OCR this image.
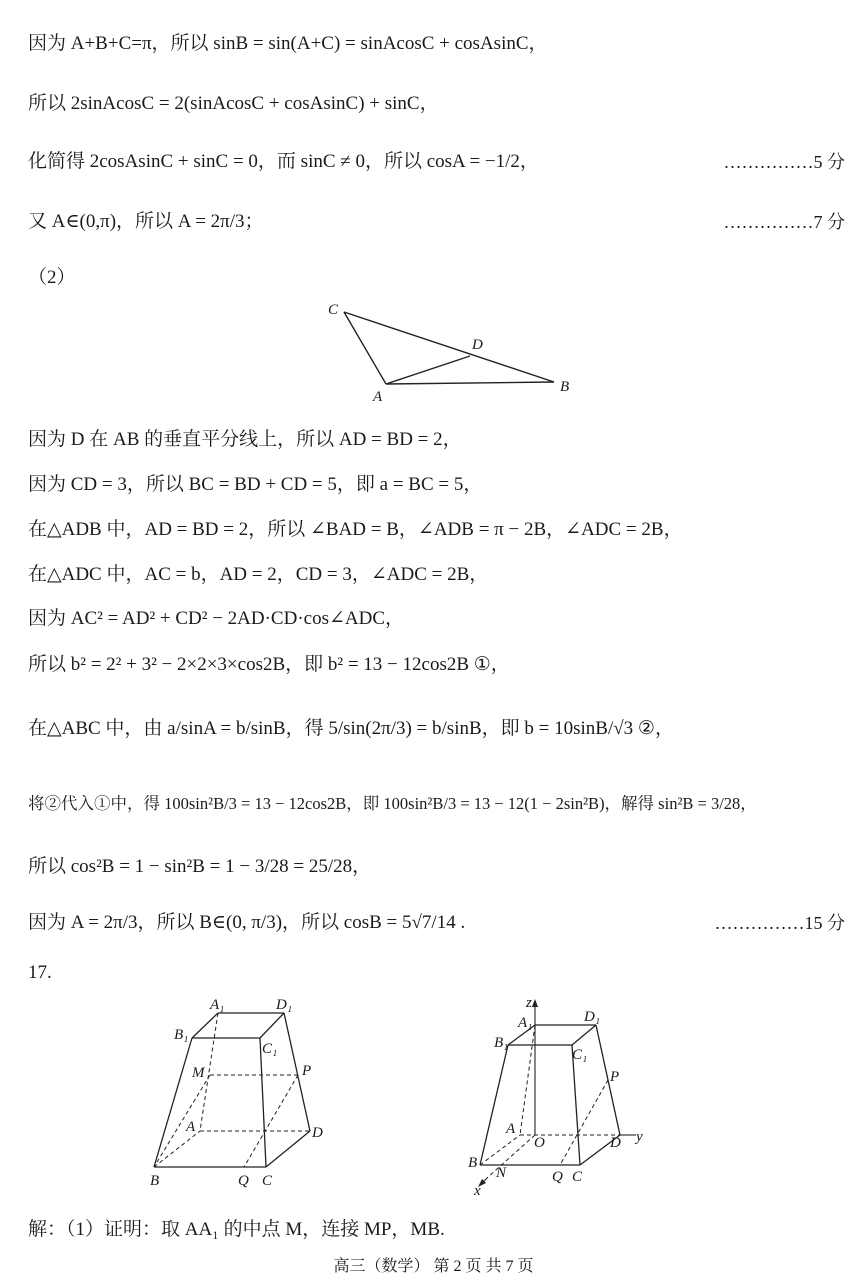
因为 A+B+C=π，所以 sinB = sin(A+C) = sinAcosC + cosAsinC，
所以 2sinAcosC = 2(sinAcosC + cosAsinC) + sinC，
化简得 2cosAsinC + sinC = 0，而 sinC ≠ 0，所以 cosA = −1/2，	……………5 分
又 A∈(0,π)，所以 A = 2π/3；	……………7 分
（2）
C
D
A
B
因为 D 在 AB 的垂直平分线上，所以 AD = BD = 2，
因为 CD = 3，所以 BC = BD + CD = 5，即 a = BC = 5，
在△ADB 中，AD = BD = 2，所以 ∠BAD = B，∠ADB = π − 2B，∠ADC = 2B，
在△ADC 中，AC = b，AD = 2，CD = 3，∠ADC = 2B，
因为 AC² = AD² + CD² − 2AD·CD·cos∠ADC，
所以 b² = 2² + 3² − 2×2×3×cos2B，即 b² = 13 − 12cos2B ①，
在△ABC 中，由 a/sinA = b/sinB，得 5/sin(2π/3) = b/sinB，即 b = 10sinB/√3 ②，
将②代入①中，得 100sin²B/3 = 13 − 12cos2B，即 100sin²B/3 = 13 − 12(1 − 2sin²B)，解得 sin²B = 3/28，
所以 cos²B = 1 − sin²B = 1 − 3/28 = 25/28，
因为 A = 2π/3，所以 B∈(0, π/3)，所以 cosB = 5√7/14 .	……………15 分
17.
A₁	D₁
B₁
C₁
M	P
A	D
B	Q C
z
A₁	D₁
B₁
C₁
P
A
O	D y
B
N	Q C
x
解：（1）证明：取 AA₁ 的中点 M，连接 MP，MB.
高三（数学） 第 2 页 共 7 页
